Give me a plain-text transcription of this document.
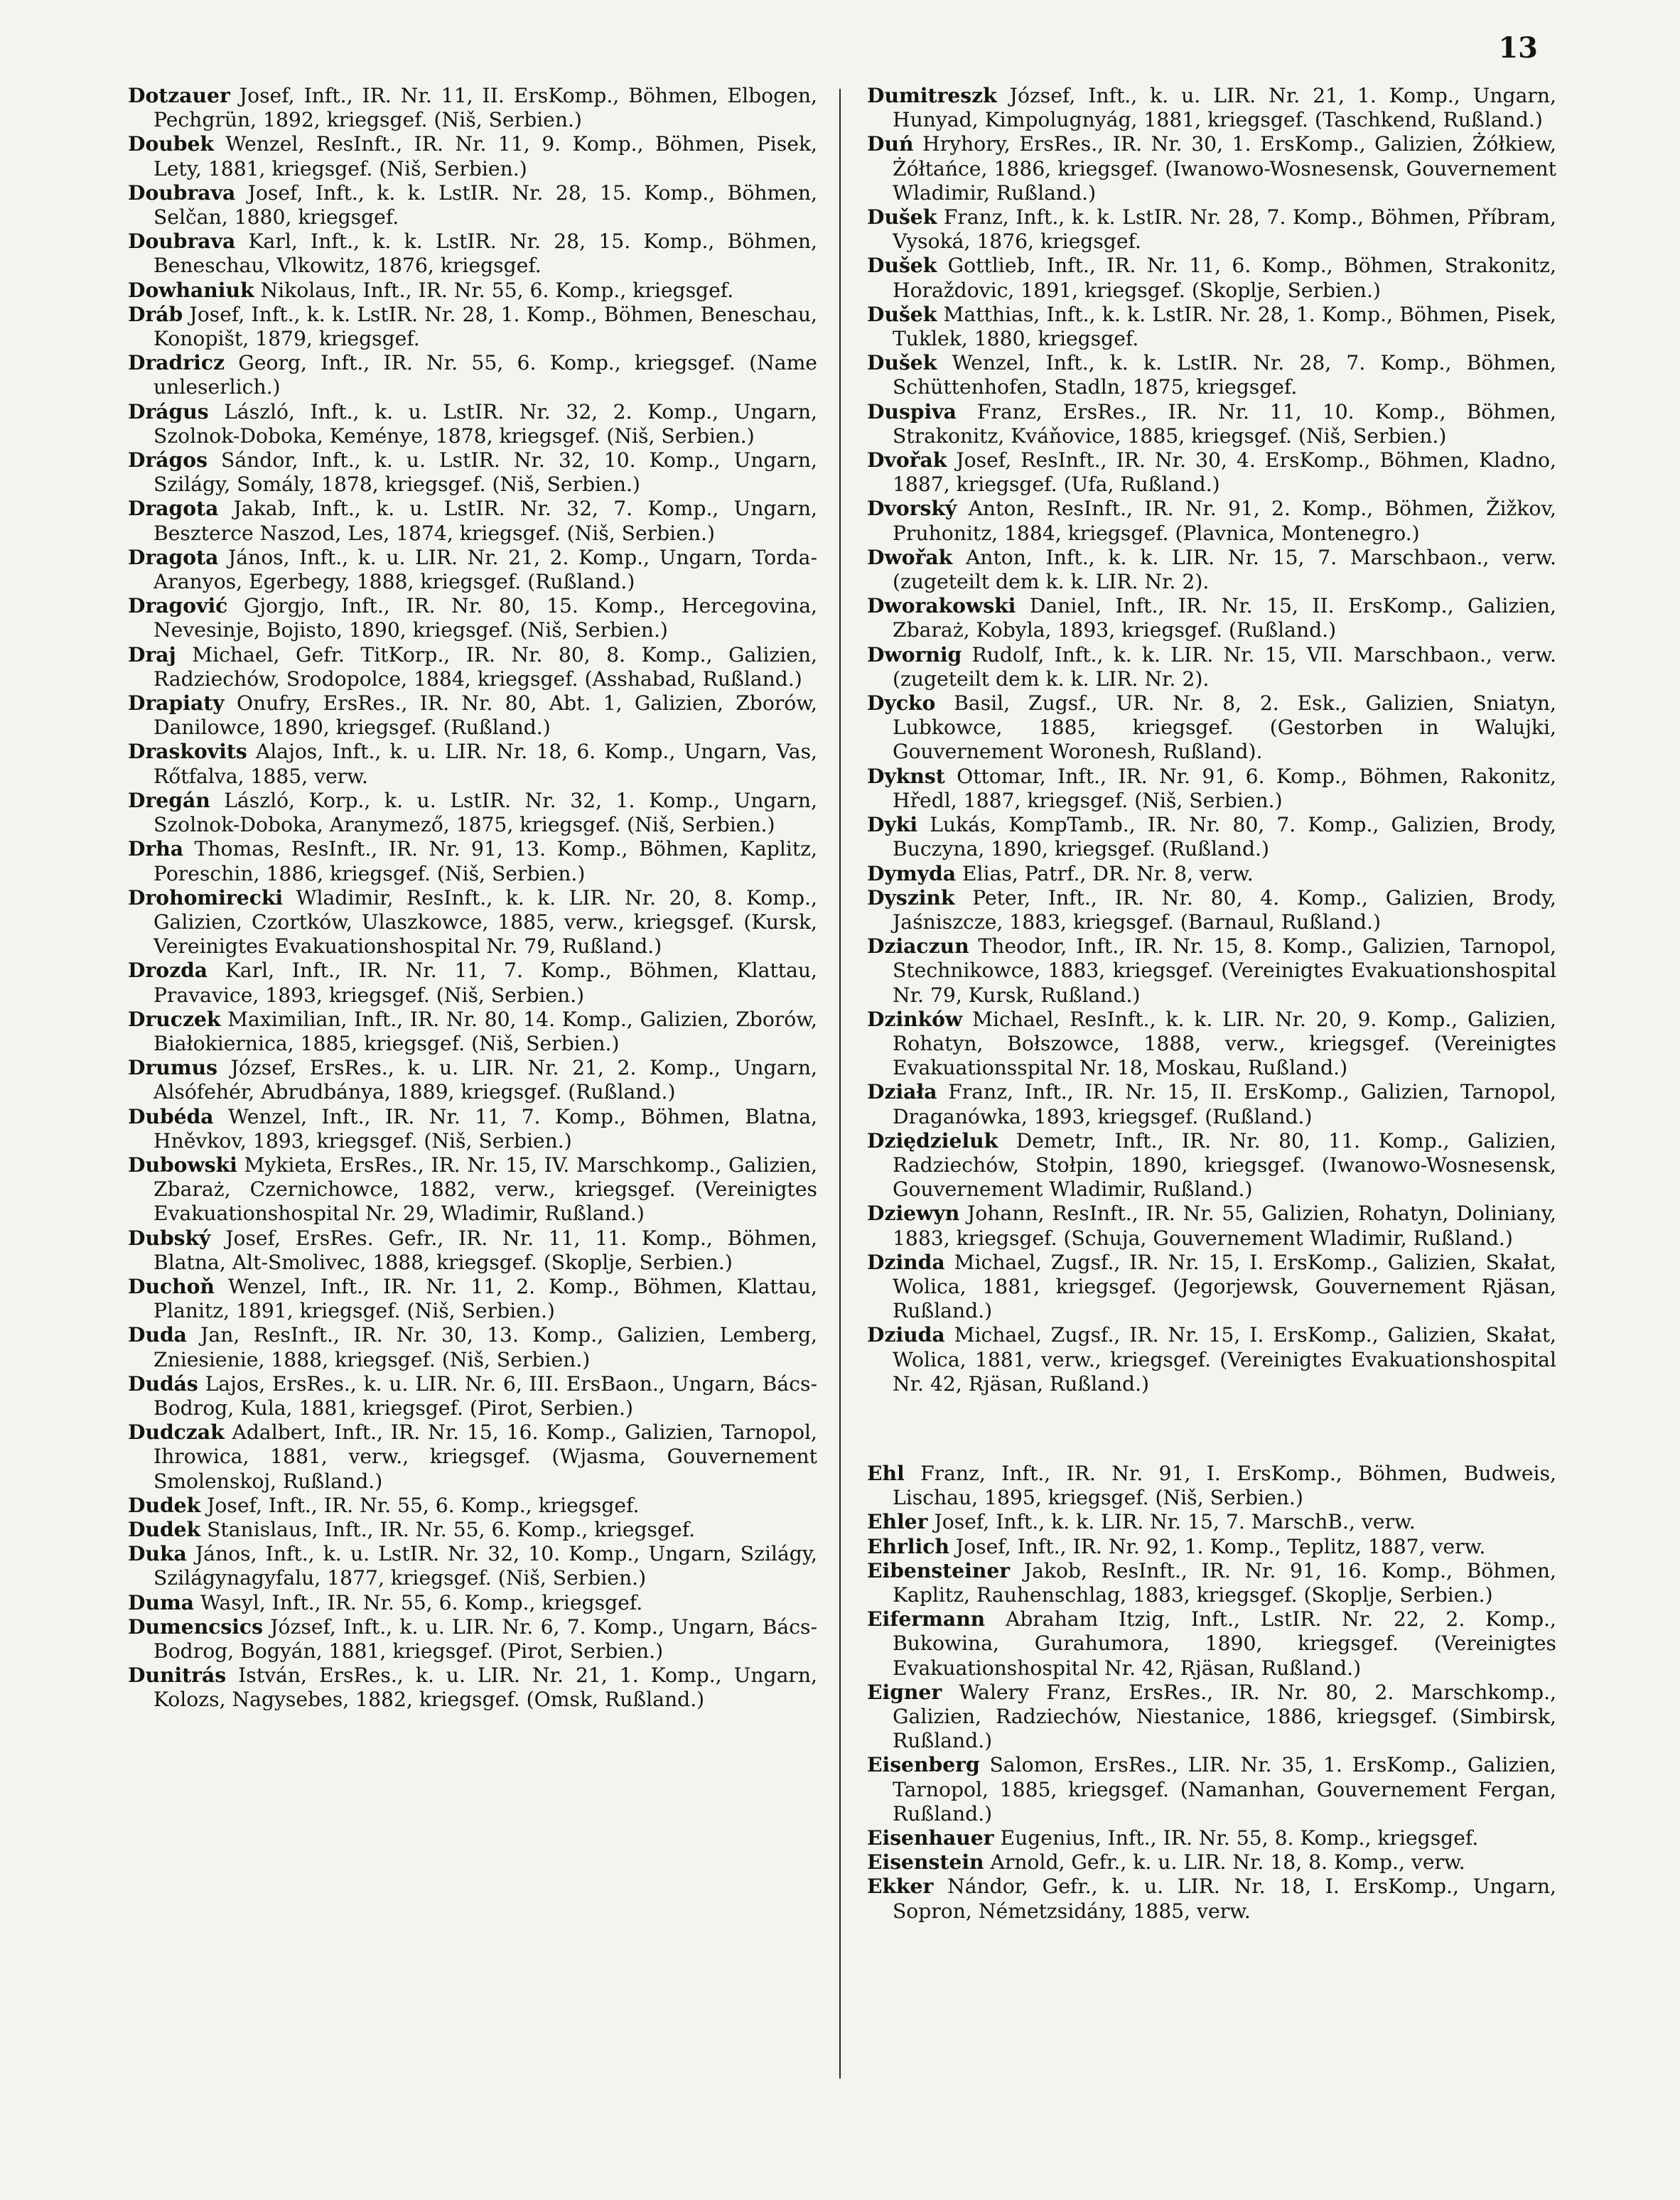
13
Dotzauer Josef, Inft., IR. Nr. 11, II. ErsKomp., Böhmen, Elbogen, Pechgrün, 1892, kriegsgef. (Niš, Serbien.)
Doubek Wenzel, ResInft., IR. Nr. 11, 9. Komp., Böhmen, Pisek, Lety, 1881, kriegsgef. (Niš, Serbien.)
Doubrava Josef, Inft., k. k. LstIR. Nr. 28, 15. Komp., Böhmen, Selčan, 1880, kriegsgef.
Doubrava Karl, Inft., k. k. LstIR. Nr. 28, 15. Komp., Böhmen, Beneschau, Vlkowitz, 1876, kriegsgef.
Dowhaniuk Nikolaus, Inft., IR. Nr. 55, 6. Komp., kriegsgef.
Dráb Josef, Inft., k. k. LstIR. Nr. 28, 1. Komp., Böhmen, Beneschau, Konopišt, 1879, kriegsgef.
Dradricz Georg, Inft., IR. Nr. 55, 6. Komp., kriegsgef. (Name unleserlich.)
Drágus László, Inft., k. u. LstIR. Nr. 32, 2. Komp., Ungarn, Szolnok-Doboka, Keménye, 1878, kriegsgef. (Niš, Serbien.)
Drágos Sándor, Inft., k. u. LstIR. Nr. 32, 10. Komp., Ungarn, Szilágy, Somály, 1878, kriegsgef. (Niš, Serbien.)
Dragota Jakab, Inft., k. u. LstIR. Nr. 32, 7. Komp., Ungarn, Beszterce Naszod, Les, 1874, kriegsgef. (Niš, Serbien.)
Dragota János, Inft., k. u. LIR. Nr. 21, 2. Komp., Ungarn, Torda-Aranyos, Egerbegy, 1888, kriegsgef. (Rußland.)
Dragović Gjorgjo, Inft., IR. Nr. 80, 15. Komp., Hercegovina, Nevesinje, Bojisto, 1890, kriegsgef. (Niš, Serbien.)
Draj Michael, Gefr. TitKorp., IR. Nr. 80, 8. Komp., Galizien, Radziechów, Srodopolce, 1884, kriegsgef. (Asshabad, Rußland.)
Drapiaty Onufry, ErsRes., IR. Nr. 80, Abt. 1, Galizien, Zborów, Danilowce, 1890, kriegsgef. (Rußland.)
Draskovits Alajos, Inft., k. u. LIR. Nr. 18, 6. Komp., Ungarn, Vas, Rőtfalva, 1885, verw.
Dregán László, Korp., k. u. LstIR. Nr. 32, 1. Komp., Ungarn, Szolnok-Doboka, Aranymező, 1875, kriegsgef. (Niš, Serbien.)
Drha Thomas, ResInft., IR. Nr. 91, 13. Komp., Böhmen, Kaplitz, Poreschin, 1886, kriegsgef. (Niš, Serbien.)
Drohomirecki Wladimir, ResInft., k. k. LIR. Nr. 20, 8. Komp., Galizien, Czortków, Ulaszkowce, 1885, verw., kriegsgef. (Kursk, Vereinigtes Evakuationshospital Nr. 79, Rußland.)
Drozda Karl, Inft., IR. Nr. 11, 7. Komp., Böhmen, Klattau, Pravavice, 1893, kriegsgef. (Niš, Serbien.)
Druczek Maximilian, Inft., IR. Nr. 80, 14. Komp., Galizien, Zborów, Białokiernica, 1885, kriegsgef. (Niš, Serbien.)
Drumus József, ErsRes., k. u. LIR. Nr. 21, 2. Komp., Ungarn, Alsófehér, Abrudbánya, 1889, kriegsgef. (Rußland.)
Dubéda Wenzel, Inft., IR. Nr. 11, 7. Komp., Böhmen, Blatna, Hněvkov, 1893, kriegsgef. (Niš, Serbien.)
Dubowski Mykieta, ErsRes., IR. Nr. 15, IV. Marschkomp., Galizien, Zbaraż, Czernichowce, 1882, verw., kriegsgef. (Vereinigtes Evakuationshospital Nr. 29, Wladimir, Rußland.)
Dubský Josef, ErsRes. Gefr., IR. Nr. 11, 11. Komp., Böhmen, Blatna, Alt-Smolivec, 1888, kriegsgef. (Skoplje, Serbien.)
Duchoň Wenzel, Inft., IR. Nr. 11, 2. Komp., Böhmen, Klattau, Planitz, 1891, kriegsgef. (Niš, Serbien.)
Duda Jan, ResInft., IR. Nr. 30, 13. Komp., Galizien, Lemberg, Zniesienie, 1888, kriegsgef. (Niš, Serbien.)
Dudás Lajos, ErsRes., k. u. LIR. Nr. 6, III. ErsBaon., Ungarn, Bács-Bodrog, Kula, 1881, kriegsgef. (Pirot, Serbien.)
Dudczak Adalbert, Inft., IR. Nr. 15, 16. Komp., Galizien, Tarnopol, Ihrowica, 1881, verw., kriegsgef. (Wjasma, Gouvernement Smolenskoj, Rußland.)
Dudek Josef, Inft., IR. Nr. 55, 6. Komp., kriegsgef.
Dudek Stanislaus, Inft., IR. Nr. 55, 6. Komp., kriegsgef.
Duka János, Inft., k. u. LstIR. Nr. 32, 10. Komp., Ungarn, Szilágy, Szilágynagyfalu, 1877, kriegsgef. (Niš, Serbien.)
Duma Wasyl, Inft., IR. Nr. 55, 6. Komp., kriegsgef.
Dumencsics József, Inft., k. u. LIR. Nr. 6, 7. Komp., Ungarn, Bács-Bodrog, Bogyán, 1881, kriegsgef. (Pirot, Serbien.)
Dunitrás István, ErsRes., k. u. LIR. Nr. 21, 1. Komp., Ungarn, Kolozs, Nagysebes, 1882, kriegsgef. (Omsk, Rußland.)
Dumitreszk József, Inft., k. u. LIR. Nr. 21, 1. Komp., Ungarn, Hunyad, Kimpolugnyág, 1881, kriegsgef. (Taschkend, Rußland.)
Duń Hryhory, ErsRes., IR. Nr. 30, 1. ErsKomp., Galizien, Żółkiew, Żółtańce, 1886, kriegsgef. (Iwanowo-Wosnesensk, Gouvernement Wladimir, Rußland.)
Dušek Franz, Inft., k. k. LstIR. Nr. 28, 7. Komp., Böhmen, Příbram, Vysoká, 1876, kriegsgef.
Dušek Gottlieb, Inft., IR. Nr. 11, 6. Komp., Böhmen, Strakonitz, Horaždovic, 1891, kriegsgef. (Skoplje, Serbien.)
Dušek Matthias, Inft., k. k. LstIR. Nr. 28, 1. Komp., Böhmen, Pisek, Tuklek, 1880, kriegsgef.
Dušek Wenzel, Inft., k. k. LstIR. Nr. 28, 7. Komp., Böhmen, Schüttenhofen, Stadln, 1875, kriegsgef.
Duspiva Franz, ErsRes., IR. Nr. 11, 10. Komp., Böhmen, Strakonitz, Kváňovice, 1885, kriegsgef. (Niš, Serbien.)
Dvořak Josef, ResInft., IR. Nr. 30, 4. ErsKomp., Böhmen, Kladno, 1887, kriegsgef. (Ufa, Rußland.)
Dvorský Anton, ResInft., IR. Nr. 91, 2. Komp., Böhmen, Žižkov, Pruhonitz, 1884, kriegsgef. (Plavnica, Montenegro.)
Dwořak Anton, Inft., k. k. LIR. Nr. 15, 7. Marschbaon., verw. (zugeteilt dem k. k. LIR. Nr. 2).
Dworakowski Daniel, Inft., IR. Nr. 15, II. ErsKomp., Galizien, Zbaraż, Kobyla, 1893, kriegsgef. (Rußland.)
Dwornig Rudolf, Inft., k. k. LIR. Nr. 15, VII. Marschbaon., verw. (zugeteilt dem k. k. LIR. Nr. 2).
Dycko Basil, Zugsf., UR. Nr. 8, 2. Esk., Galizien, Sniatyn, Lubkowce, 1885, kriegsgef. (Gestorben in Walujki, Gouvernement Woronesh, Rußland).
Dyknst Ottomar, Inft., IR. Nr. 91, 6. Komp., Böhmen, Rakonitz, Hředl, 1887, kriegsgef. (Niš, Serbien.)
Dyki Lukás, KompTamb., IR. Nr. 80, 7. Komp., Galizien, Brody, Buczyna, 1890, kriegsgef. (Rußland.)
Dymyda Elias, Patrf., DR. Nr. 8, verw.
Dyszink Peter, Inft., IR. Nr. 80, 4. Komp., Galizien, Brody, Jaśniszcze, 1883, kriegsgef. (Barnaul, Rußland.)
Dziaczun Theodor, Inft., IR. Nr. 15, 8. Komp., Galizien, Tarnopol, Stechnikowce, 1883, kriegsgef. (Vereinigtes Evakuationshospital Nr. 79, Kursk, Rußland.)
Dzinków Michael, ResInft., k. k. LIR. Nr. 20, 9. Komp., Galizien, Rohatyn, Bołszowce, 1888, verw., kriegsgef. (Vereinigtes Evakuationsspital Nr. 18, Moskau, Rußland.)
Działa Franz, Inft., IR. Nr. 15, II. ErsKomp., Galizien, Tarnopol, Draganówka, 1893, kriegsgef. (Rußland.)
Dziędzieluk Demetr, Inft., IR. Nr. 80, 11. Komp., Galizien, Radziechów, Stołpin, 1890, kriegsgef. (Iwanowo-Wosnesensk, Gouvernement Wladimir, Rußland.)
Dziewyn Johann, ResInft., IR. Nr. 55, Galizien, Rohatyn, Doliniany, 1883, kriegsgef. (Schuja, Gouvernement Wladimir, Rußland.)
Dzinda Michael, Zugsf., IR. Nr. 15, I. ErsKomp., Galizien, Skałat, Wolica, 1881, kriegsgef. (Jegorjewsk, Gouvernement Rjäsan, Rußland.)
Dziuda Michael, Zugsf., IR. Nr. 15, I. ErsKomp., Galizien, Skałat, Wolica, 1881, verw., kriegsgef. (Vereinigtes Evakuationshospital Nr. 42, Rjäsan, Rußland.)
Ehl Franz, Inft., IR. Nr. 91, I. ErsKomp., Böhmen, Budweis, Lischau, 1895, kriegsgef. (Niš, Serbien.)
Ehler Josef, Inft., k. k. LIR. Nr. 15, 7. MarschB., verw.
Ehrlich Josef, Inft., IR. Nr. 92, 1. Komp., Teplitz, 1887, verw.
Eibensteiner Jakob, ResInft., IR. Nr. 91, 16. Komp., Böhmen, Kaplitz, Rauhenschlag, 1883, kriegsgef. (Skoplje, Serbien.)
Eifermann Abraham Itzig, Inft., LstIR. Nr. 22, 2. Komp., Bukowina, Gurahumora, 1890, kriegsgef. (Vereinigtes Evakuationshospital Nr. 42, Rjäsan, Rußland.)
Eigner Walery Franz, ErsRes., IR. Nr. 80, 2. Marschkomp., Galizien, Radziechów, Niestanice, 1886, kriegsgef. (Simbirsk, Rußland.)
Eisenberg Salomon, ErsRes., LIR. Nr. 35, 1. ErsKomp., Galizien, Tarnopol, 1885, kriegsgef. (Namanhan, Gouvernement Fergan, Rußland.)
Eisenhauer Eugenius, Inft., IR. Nr. 55, 8. Komp., kriegsgef.
Eisenstein Arnold, Gefr., k. u. LIR. Nr. 18, 8. Komp., verw.
Ekker Nándor, Gefr., k. u. LIR. Nr. 18, I. ErsKomp., Ungarn, Sopron, Németzsidány, 1885, verw.
